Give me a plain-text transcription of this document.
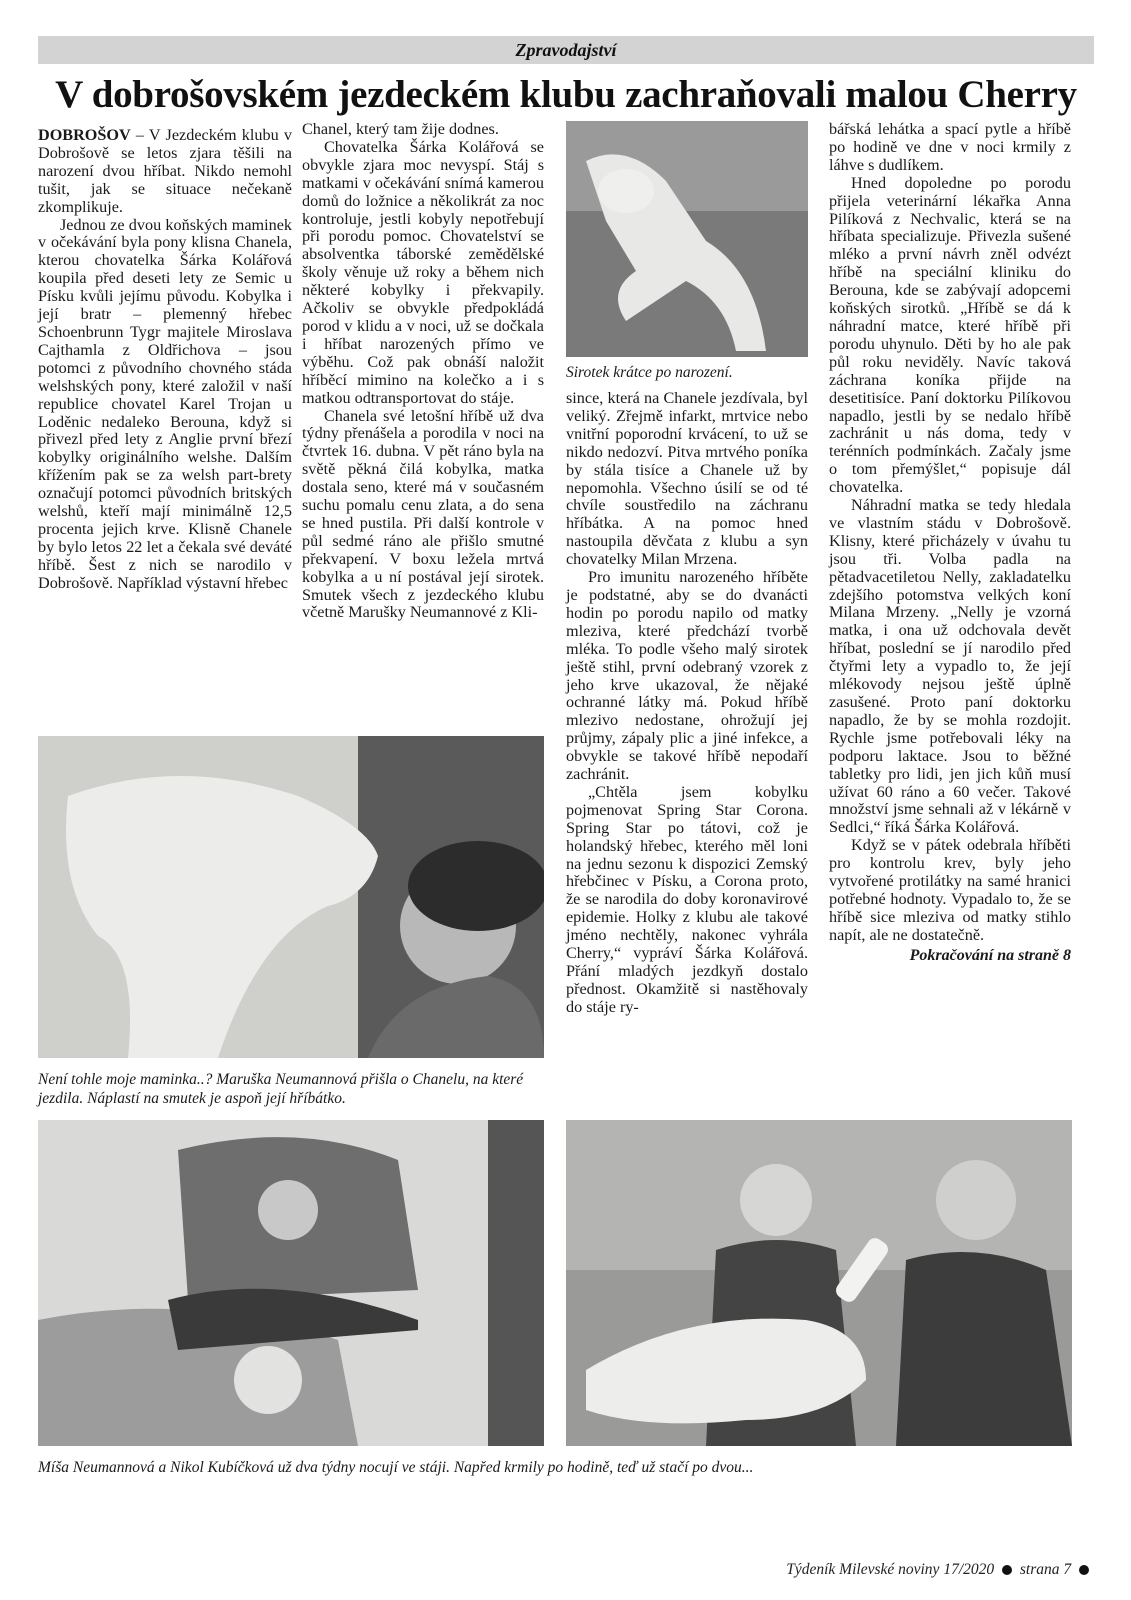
Zpravodajství
V dobrošovském jezdeckém klubu zachraňovali malou Cherry

DOBROŠOV – V Jezdeckém klubu v Dobrošově se letos zjara těšili na narození dvou hříbat. Nikdo nemohl tušit, jak se situace nečekaně zkomplikuje.

Jednou ze dvou koňských maminek v očekávání byla pony klisna Chanela, kterou chovatelka Šárka Kolářová koupila před deseti lety ze Semic u Písku kvůli jejímu původu. Kobylka i její bratr – plemenný hřebec Schoenbrunn Tygr majitele Miroslava Cajthamla z Oldřichova – jsou potomci z původního chovného stáda welshských pony, které založil v naší republice chovatel Karel Trojan u Loděnic nedaleko Berouna, když si přivezl před lety z Anglie první březí kobylky originálního welshe. Dalším křížením pak se za welsh part-brety označují potomci původních britských welshů, kteří mají minimálně 12,5 procenta jejich krve. Klisně Chanele by bylo letos 22 let a čekala své deváté hříbě. Šest z nich se narodilo v Dobrošově. Například výstavní hřebec

Chanel, který tam žije dodnes.

Chovatelka Šárka Kolářová se obvykle zjara moc nevyspí. Stáj s matkami v očekávání snímá kamerou domů do ložnice a několikrát za noc kontroluje, jestli kobyly nepotřebují při porodu pomoc. Chovatelství se absolventka táborské zemědělské školy věnuje už roky a během nich některé kobylky i překvapily. Ačkoliv se obvykle předpokládá porod v klidu a v noci, už se dočkala i hříbat narozených přímo ve výběhu. Což pak obnáší naložit hříběcí mimino na kolečko a i s matkou odtransportovat do stáje.

Chanela své letošní hříbě už dva týdny přenášela a porodila v noci na čtvrtek 16. dubna. V pět ráno byla na světě pěkná čilá kobylka, matka dostala seno, které má v současném suchu pomalu cenu zlata, a do sena se hned pustila. Při další kontrole v půl sedmé ráno ale přišlo smutné překvapení. V boxu ležela mrtvá kobylka a u ní postával její sirotek. Smutek všech z jezdeckého klubu včetně Marušky Neumannové z Kli-

Sirotek krátce po narození.

since, která na Chanele jezdívala, byl veliký. Zřejmě infarkt, mrtvice nebo vnitřní poporodní krvácení, to už se nikdo nedozví. Pitva mrtvého poníka by stála tisíce a Chanele už by nepomohla. Všechno úsilí se od té chvíle soustředilo na záchranu hříbátka. A na pomoc hned nastoupila děvčata z klubu a syn chovatelky Milan Mrzena.

Pro imunitu narozeného hříběte je podstatné, aby se do dvanácti hodin po porodu napilo od matky mleziva, které předchází tvorbě mléka. To podle všeho malý sirotek ještě stihl, první odebraný vzorek z jeho krve ukazoval, že nějaké ochranné látky má. Pokud hříbě mlezivo nedostane, ohrožují jej průjmy, zápaly plic a jiné infekce, a obvykle se takové hříbě nepodaří zachránit.

„Chtěla jsem kobylku pojmenovat Spring Star Corona. Spring Star po tátovi, což je holandský hřebec, kterého měl loni na jednu sezonu k dispozici Zemský hřebčinec v Písku, a Corona proto, že se narodila do doby koronavirové epidemie. Holky z klubu ale takové jméno nechtěly, nakonec vyhrála Cherry,“ vypráví Šárka Kolářová. Přání mladých jezdkyň dostalo přednost. Okamžitě si nastěhovaly do stáje ry-

bářská lehátka a spací pytle a hříbě po hodině ve dne v noci krmily z láhve s dudlíkem.

Hned dopoledne po porodu přijela veterinární lékařka Anna Pilíková z Nechvalic, která se na hříbata specializuje. Přivezla sušené mléko a první návrh zněl odvézt hříbě na speciální kliniku do Berouna, kde se zabývají adopcemi koňských sirotků. „Hříbě se dá k náhradní matce, které hříbě při porodu uhynulo. Děti by ho ale pak půl roku neviděly. Navíc taková záchrana koníka přijde na desetitisíce. Paní doktorku Pilíkovou napadlo, jestli by se nedalo hříbě zachránit u nás doma, tedy v terénních podmínkách. Začaly jsme o tom přemýšlet,“ popisuje dál chovatelka.

Náhradní matka se tedy hledala ve vlastním stádu v Dobrošově. Klisny, které přicházely v úvahu tu jsou tři. Volba padla na pětadvacetiletou Nelly, zakladatelku zdejšího potomstva velkých koní Milana Mrzeny. „Nelly je vzorná matka, i ona už odchovala devět hříbat, poslední se jí narodilo před čtyřmi lety a vypadlo to, že její mlékovody nejsou ještě úplně zasušené. Proto paní doktorku napadlo, že by se mohla rozdojit. Rychle jsme potřebovali léky na podporu laktace. Jsou to běžné tabletky pro lidi, jen jich kůň musí užívat 60 ráno a 60 večer. Takové množství jsme sehnali až v lékárně v Sedlci,“ říká Šárka Kolářová.

Když se v pátek odebrala hříběti pro kontrolu krev, byly jeho vytvořené protilátky na samé hranici potřebné hodnoty. Vypadalo to, že se hříbě sice mleziva od matky stihlo napít, ale ne dostatečně.

Pokračování na straně 8
Není tohle moje maminka..? Maruška Neumannová přišla o Chanelu, na které jezdila. Náplastí na smutek je aspoň její hříbátko.
Míša Neumannová a Nikol Kubíčková už dva týdny nocují ve stáji. Napřed krmily po hodině, teď už stačí po dvou...
Týdeník Milevské noviny 17/2020 strana 7
